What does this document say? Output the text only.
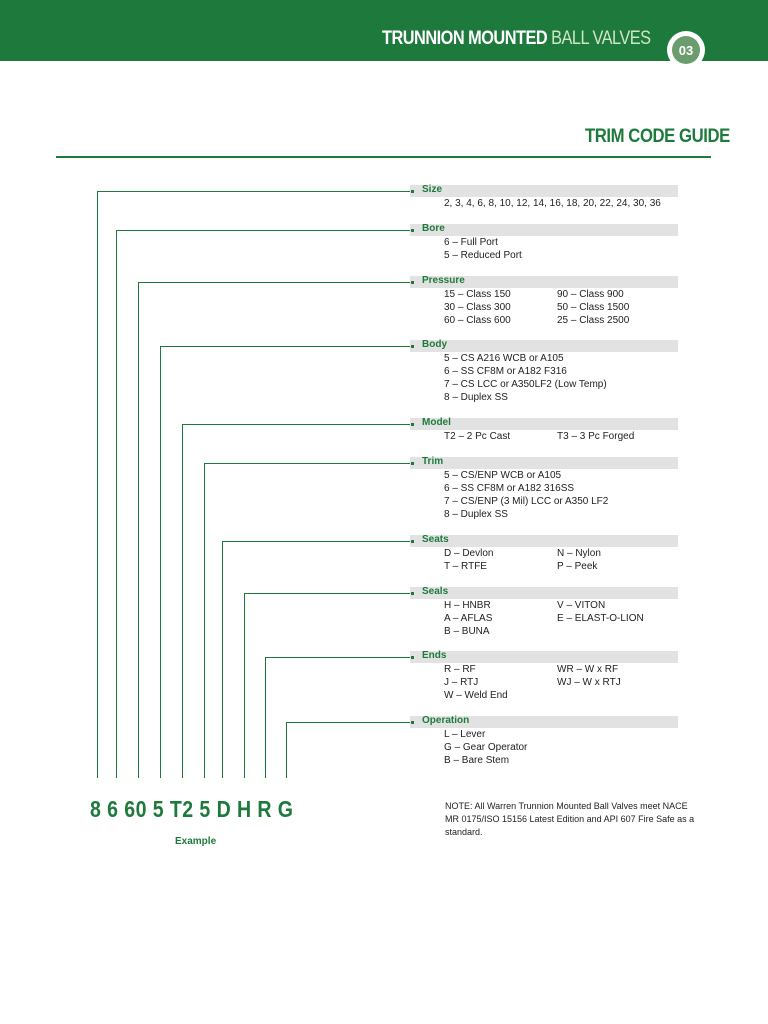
TRUNNION MOUNTED BALL VALVES
03
TRIM CODE GUIDE
Size
2, 3, 4, 6, 8, 10, 12, 14, 16, 18, 20, 22, 24, 30, 36
Bore
6 – Full Port
5 – Reduced Port
Pressure
15 – Class 150
30 – Class 300
60 – Class 600
90 – Class 900
50 – Class 1500
25 – Class 2500
Body
5 – CS A216 WCB or A105
6 – SS CF8M or A182 F316
7 – CS LCC or A350LF2 (Low Temp)
8 – Duplex SS
Model
T2 – 2 Pc Cast	T3 – 3 Pc Forged
Trim
5 – CS/ENP WCB or A105
6 – SS CF8M or A182 316SS
7 – CS/ENP (3 Mil) LCC or A350 LF2
8 – Duplex SS
Seats
D – Devlon
T – RTFE
N – Nylon
P – Peek
Seals
H – HNBR
A – AFLAS
B – BUNA
V – VITON
E – ELAST-O-LION
Ends
R – RF
J – RTJ
W – Weld End
WR – W x RF
WJ – W x RTJ
Operation
L – Lever
G – Gear Operator
B – Bare Stem
8 6 60 5 T2 5 D H R G
Example
NOTE: All Warren Trunnion Mounted Ball Valves meet NACE MR 0175/ISO 15156 Latest Edition and API 607 Fire Safe as a standard.
